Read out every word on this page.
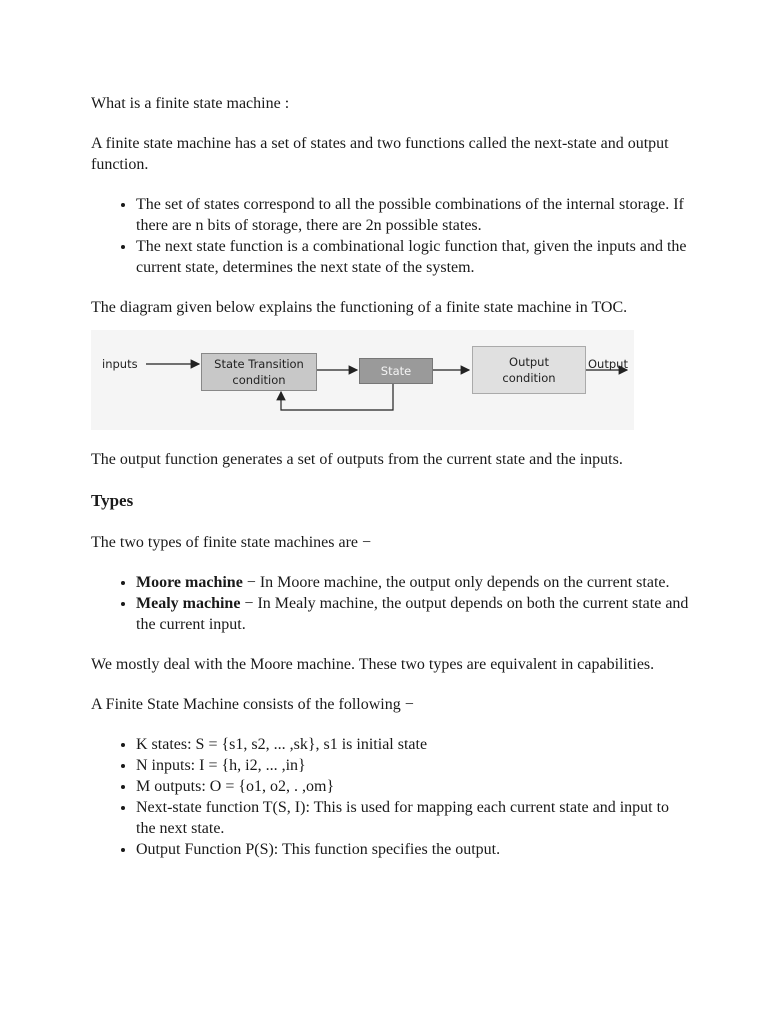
What is a finite state machine :

A finite state machine has a set of states and two functions called the next-state and output function.

• The set of states correspond to all the possible combinations of the internal storage. If there are n bits of storage, there are 2n possible states.
• The next state function is a combinational logic function that, given the inputs and the current state, determines the next state of the system.

The diagram given below explains the functioning of a finite state machine in TOC.

inputs	State Transition
condition
State
Output
condition
Output

The output function generates a set of outputs from the current state and the inputs.

Types

The two types of finite state machines are −

• Moore machine − In Moore machine, the output only depends on the current state.
• Mealy machine − In Mealy machine, the output depends on both the current state and the current input.

We mostly deal with the Moore machine. These two types are equivalent in capabilities.

A Finite State Machine consists of the following −

• K states: S = {s1, s2, ... ,sk}, s1 is initial state
• N inputs: I = {h, i2, ... ,in}
• M outputs: O = {o1, o2, . ,om}
• Next-state function T(S, I): This is used for mapping each current state and input to the next state.
• Output Function P(S): This function specifies the output.
